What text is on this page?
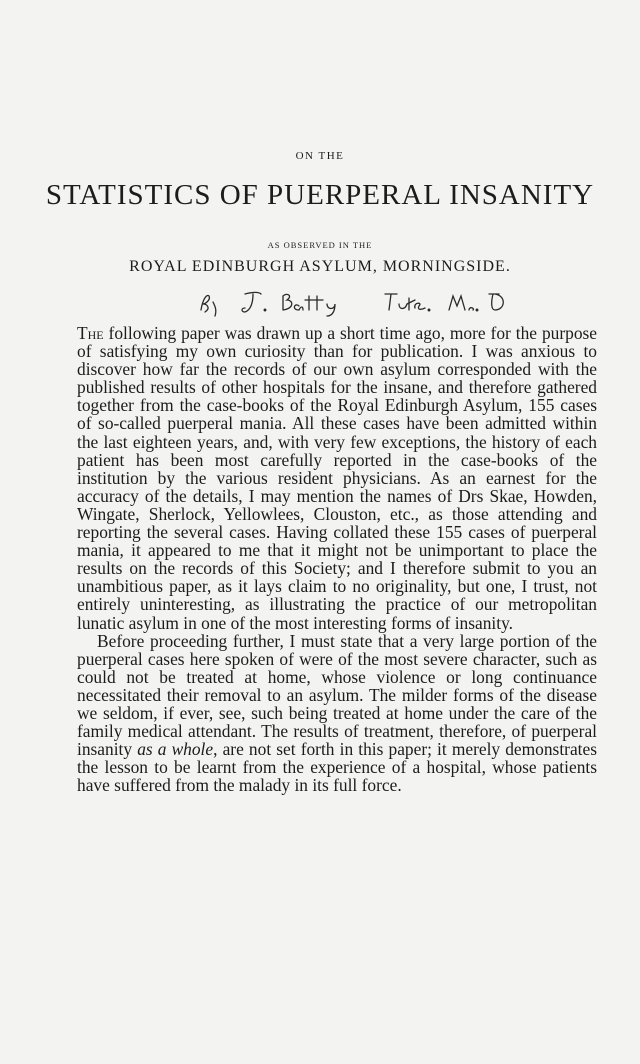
ON THE
STATISTICS OF PUERPERAL INSANITY
AS OBSERVED IN THE
ROYAL EDINBURGH ASYLUM, MORNINGSIDE.

The following paper was drawn up a short time ago, more for the purpose of satisfying my own curiosity than for publication. I was anxious to discover how far the records of our own asylum corresponded with the published results of other hospitals for the insane, and therefore gathered together from the case-books of the Royal Edinburgh Asylum, 155 cases of so-called puerperal mania. All these cases have been admitted within the last eighteen years, and, with very few exceptions, the history of each patient has been most carefully reported in the case-books of the institution by the various resident physicians. As an earnest for the accuracy of the details, I may mention the names of Drs Skae, Howden, Wingate, Sherlock, Yellowlees, Clouston, etc., as those attending and reporting the several cases. Having collated these 155 cases of puerperal mania, it appeared to me that it might not be unimportant to place the results on the records of this Society; and I therefore submit to you an unambitious paper, as it lays claim to no originality, but one, I trust, not entirely uninteresting, as illustrating the practice of our metropolitan lunatic asylum in one of the most interesting forms of insanity.

Before proceeding further, I must state that a very large portion of the puerperal cases here spoken of were of the most severe character, such as could not be treated at home, whose violence or long continuance necessitated their removal to an asylum. The milder forms of the disease we seldom, if ever, see, such being treated at home under the care of the family medical attendant. The results of treatment, therefore, of puerperal insanity as a whole, are not set forth in this paper; it merely demonstrates the lesson to be learnt from the experience of a hospital, whose patients have suffered from the malady in its full force.
